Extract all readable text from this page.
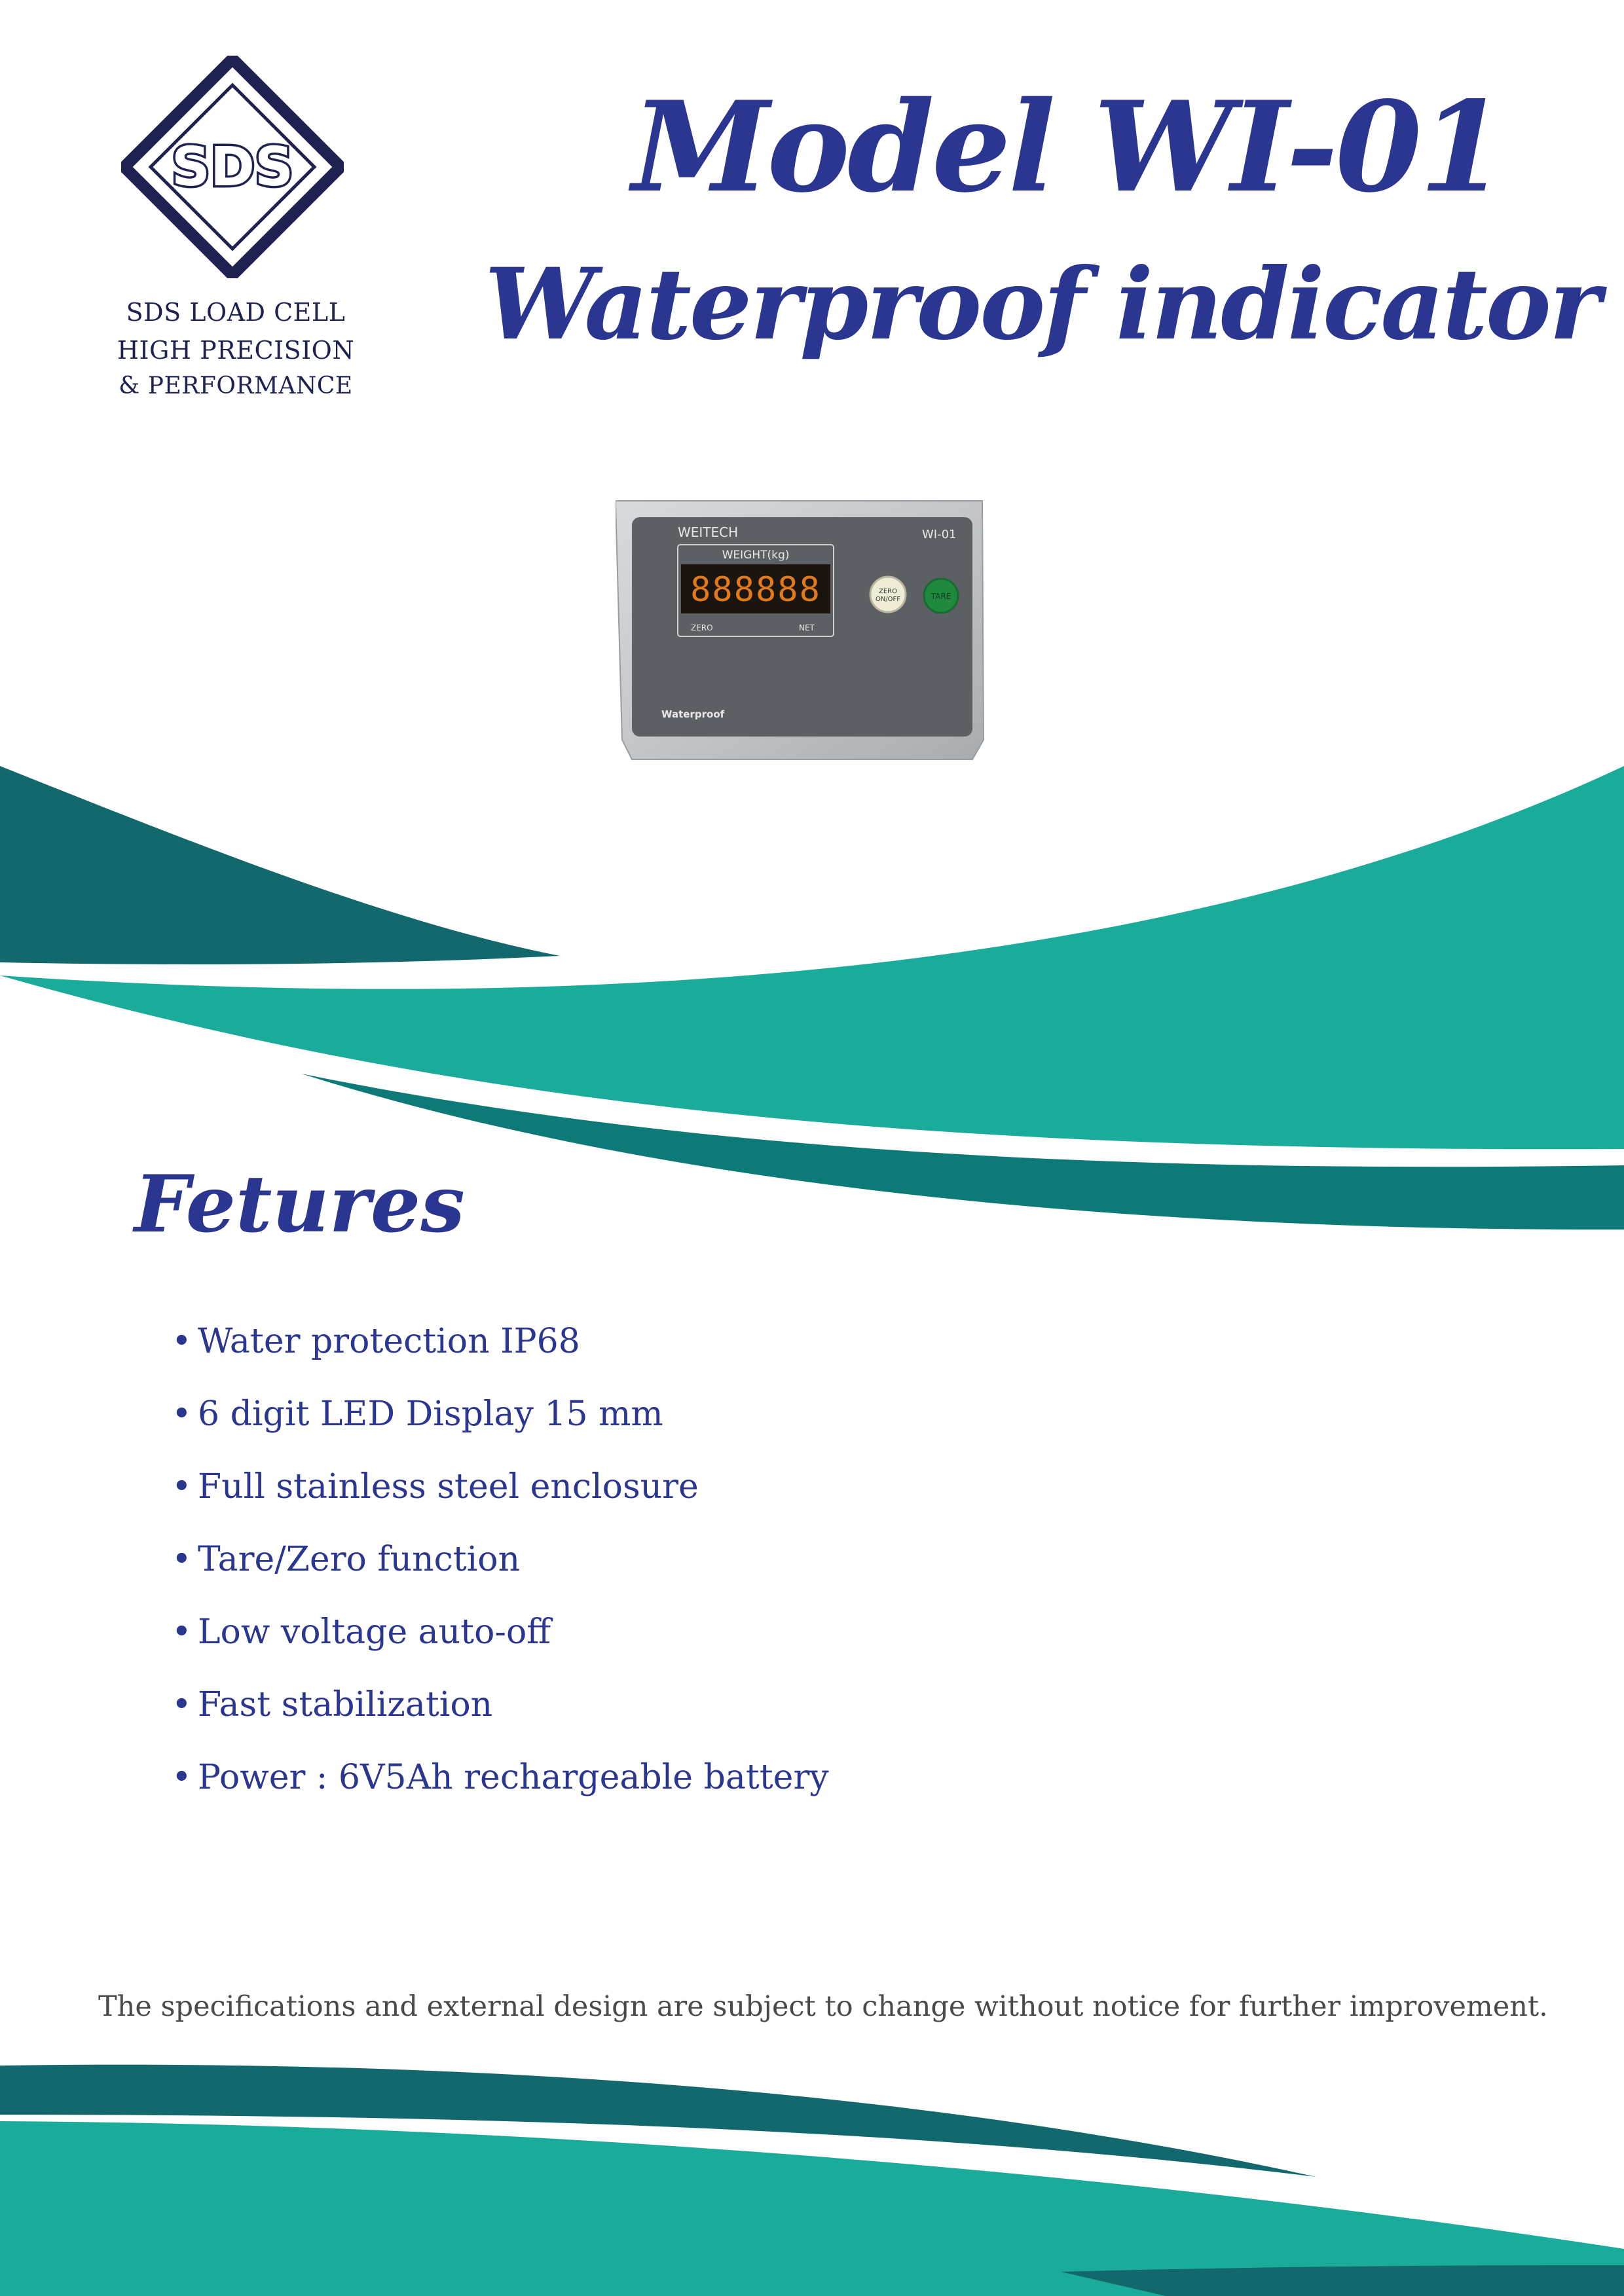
SDS
SDS LOAD CELL
HIGH PRECISION
& PERFORMANCE
Model WI-01
Waterproof indicator
WEITECH	WI-01
WEIGHT(kg)
888888
ZERO	NET
ZERO
ON/OFF	TARE
Waterproof
Fetures
• Water protection IP68
• 6 digit LED Display 15 mm
• Full stainless steel enclosure
• Tare/Zero function
• Low voltage auto-off
• Fast stabilization
• Power : 6V5Ah rechargeable battery
The specifications and external design are subject to change without notice for further improvement.
